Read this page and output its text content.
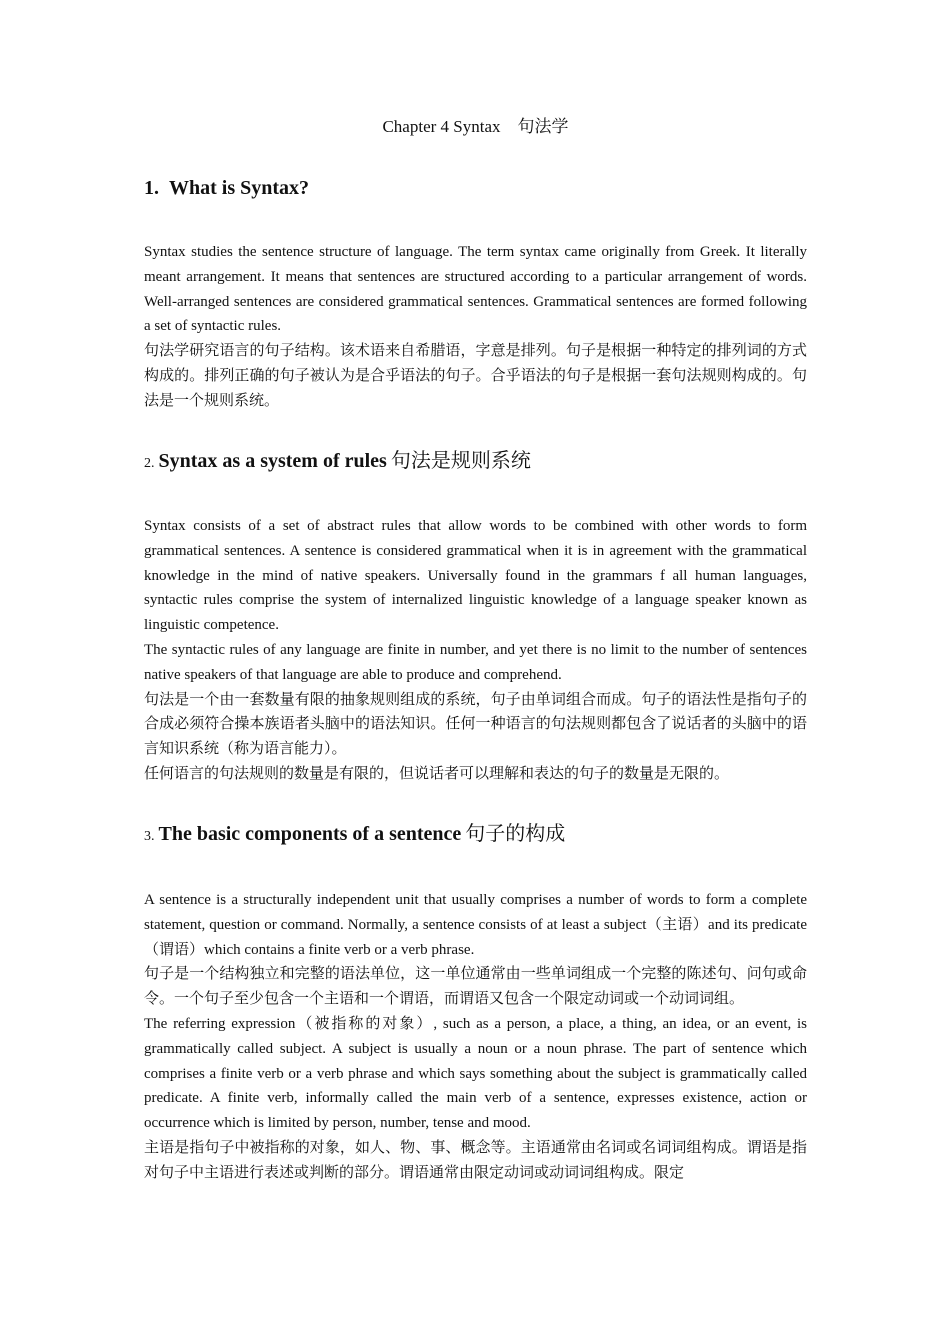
Chapter 4 Syntax　句法学
1. What is Syntax?

Syntax studies the sentence structure of language. The term syntax came originally from Greek. It literally meant arrangement. It means that sentences are structured according to a particular arrangement of words. Well-arranged sentences are considered grammatical sentences. Grammatical sentences are formed following a set of syntactic rules.

句法学研究语言的句子结构。该术语来自希腊语，字意是排列。句子是根据一种特定的排列词的方式构成的。排列正确的句子被认为是合乎语法的句子。合乎语法的句子是根据一套句法规则构成的。句法是一个规则系统。

2. Syntax as a system of rules 句法是规则系统

Syntax consists of a set of abstract rules that allow words to be combined with other words to form grammatical sentences. A sentence is considered grammatical when it is in agreement with the grammatical knowledge in the mind of native speakers. Universally found in the grammars f all human languages, syntactic rules comprise the system of internalized linguistic knowledge of a language speaker known as linguistic competence.

The syntactic rules of any language are finite in number, and yet there is no limit to the number of sentences native speakers of that language are able to produce and comprehend.

句法是一个由一套数量有限的抽象规则组成的系统，句子由单词组合而成。句子的语法性是指句子的合成必须符合操本族语者头脑中的语法知识。任何一种语言的句法规则都包含了说话者的头脑中的语言知识系统（称为语言能力）。

任何语言的句法规则的数量是有限的，但说话者可以理解和表达的句子的数量是无限的。

3. The basic components of a sentence 句子的构成

A sentence is a structurally independent unit that usually comprises a number of words to form a complete statement, question or command. Normally, a sentence consists of at least a subject（主语）and its predicate（谓语）which contains a finite verb or a verb phrase.

句子是一个结构独立和完整的语法单位，这一单位通常由一些单词组成一个完整的陈述句、问句或命令。一个句子至少包含一个主语和一个谓语，而谓语又包含一个限定动词或一个动词词组。

The referring expression（被指称的对象）, such as a person, a place, a thing, an idea, or an event, is grammatically called subject. A subject is usually a noun or a noun phrase. The part of sentence which comprises a finite verb or a verb phrase and which says something about the subject is grammatically called predicate. A finite verb, informally called the main verb of a sentence, expresses existence, action or occurrence which is limited by person, number, tense and mood.

主语是指句子中被指称的对象，如人、物、事、概念等。主语通常由名词或名词词组构成。谓语是指对句子中主语进行表述或判断的部分。谓语通常由限定动词或动词词组构成。限定
